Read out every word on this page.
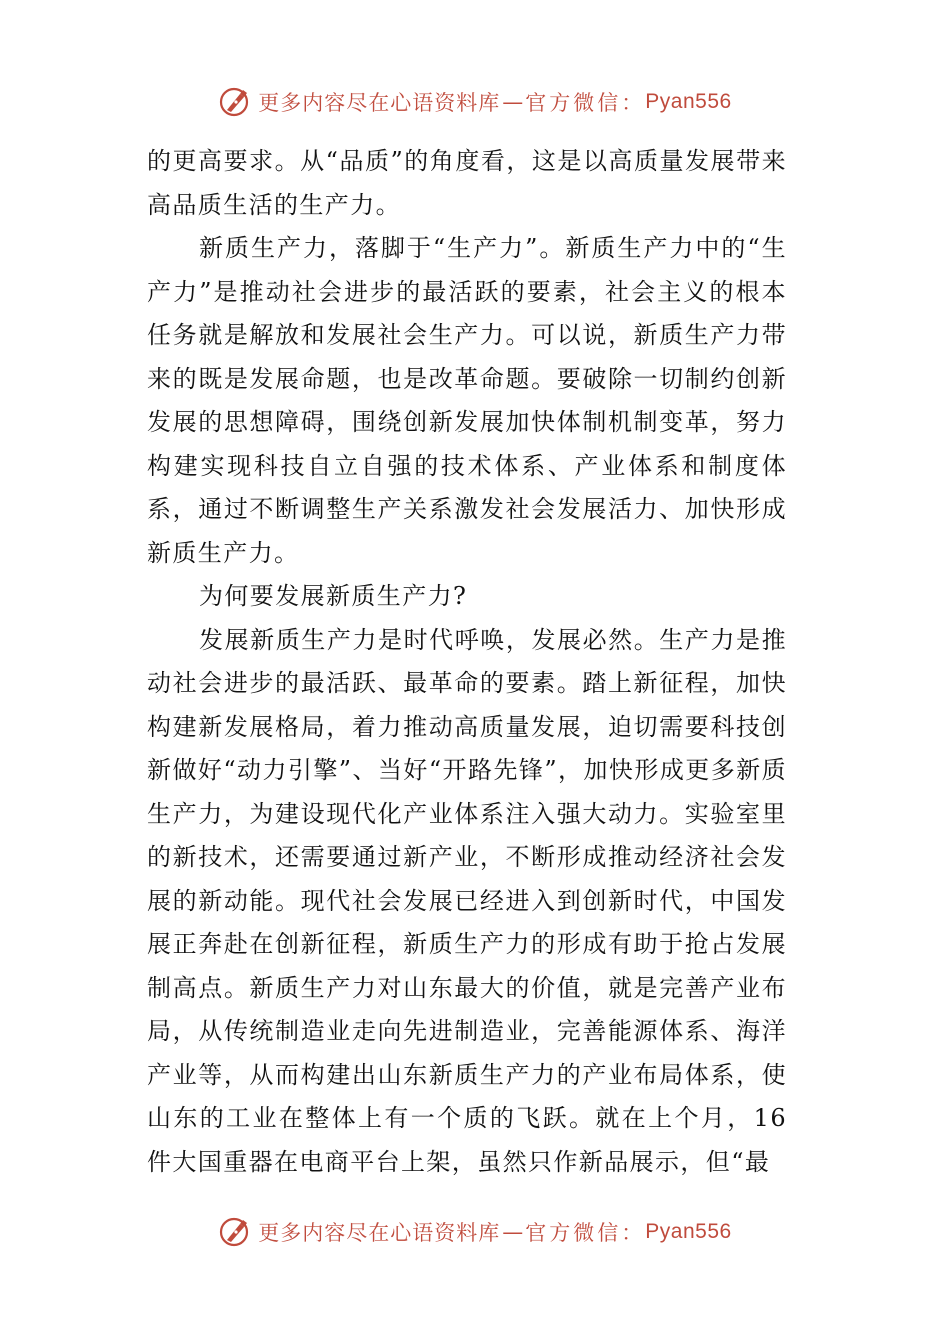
更多内容尽在心语资料库 — 官方微信： Pyan556

的更高要求。从“品质”的角度看，这是以高质量发展带来高品质生活的生产力。

新质生产力，落脚于“生产力”。新质生产力中的“生产力”是推动社会进步的最活跃的要素，社会主义的根本任务就是解放和发展社会生产力。可以说，新质生产力带来的既是发展命题，也是改革命题。要破除一切制约创新发展的思想障碍，围绕创新发展加快体制机制变革，努力构建实现科技自立自强的技术体系、产业体系和制度体系，通过不断调整生产关系激发社会发展活力、加快形成新质生产力。

为何要发展新质生产力?

发展新质生产力是时代呼唤，发展必然。生产力是推动社会进步的最活跃、最革命的要素。踏上新征程，加快构建新发展格局，着力推动高质量发展，迫切需要科技创新做好“动力引擎”、当好“开路先锋”，加快形成更多新质生产力，为建设现代化产业体系注入强大动力。实验室里的新技术，还需要通过新产业，不断形成推动经济社会发展的新动能。现代社会发展已经进入到创新时代，中国发展正奔赴在创新征程，新质生产力的形成有助于抢占发展制高点。新质生产力对山东最大的价值，就是完善产业布局，从传统制造业走向先进制造业，完善能源体系、海洋产业等，从而构建出山东新质生产力的产业布局体系，使山东的工业在整体上有一个质的飞跃。就在上个月，16件大国重器在电商平台上架，虽然只作新品展示，但“最

更多内容尽在心语资料库 — 官方微信： Pyan556
